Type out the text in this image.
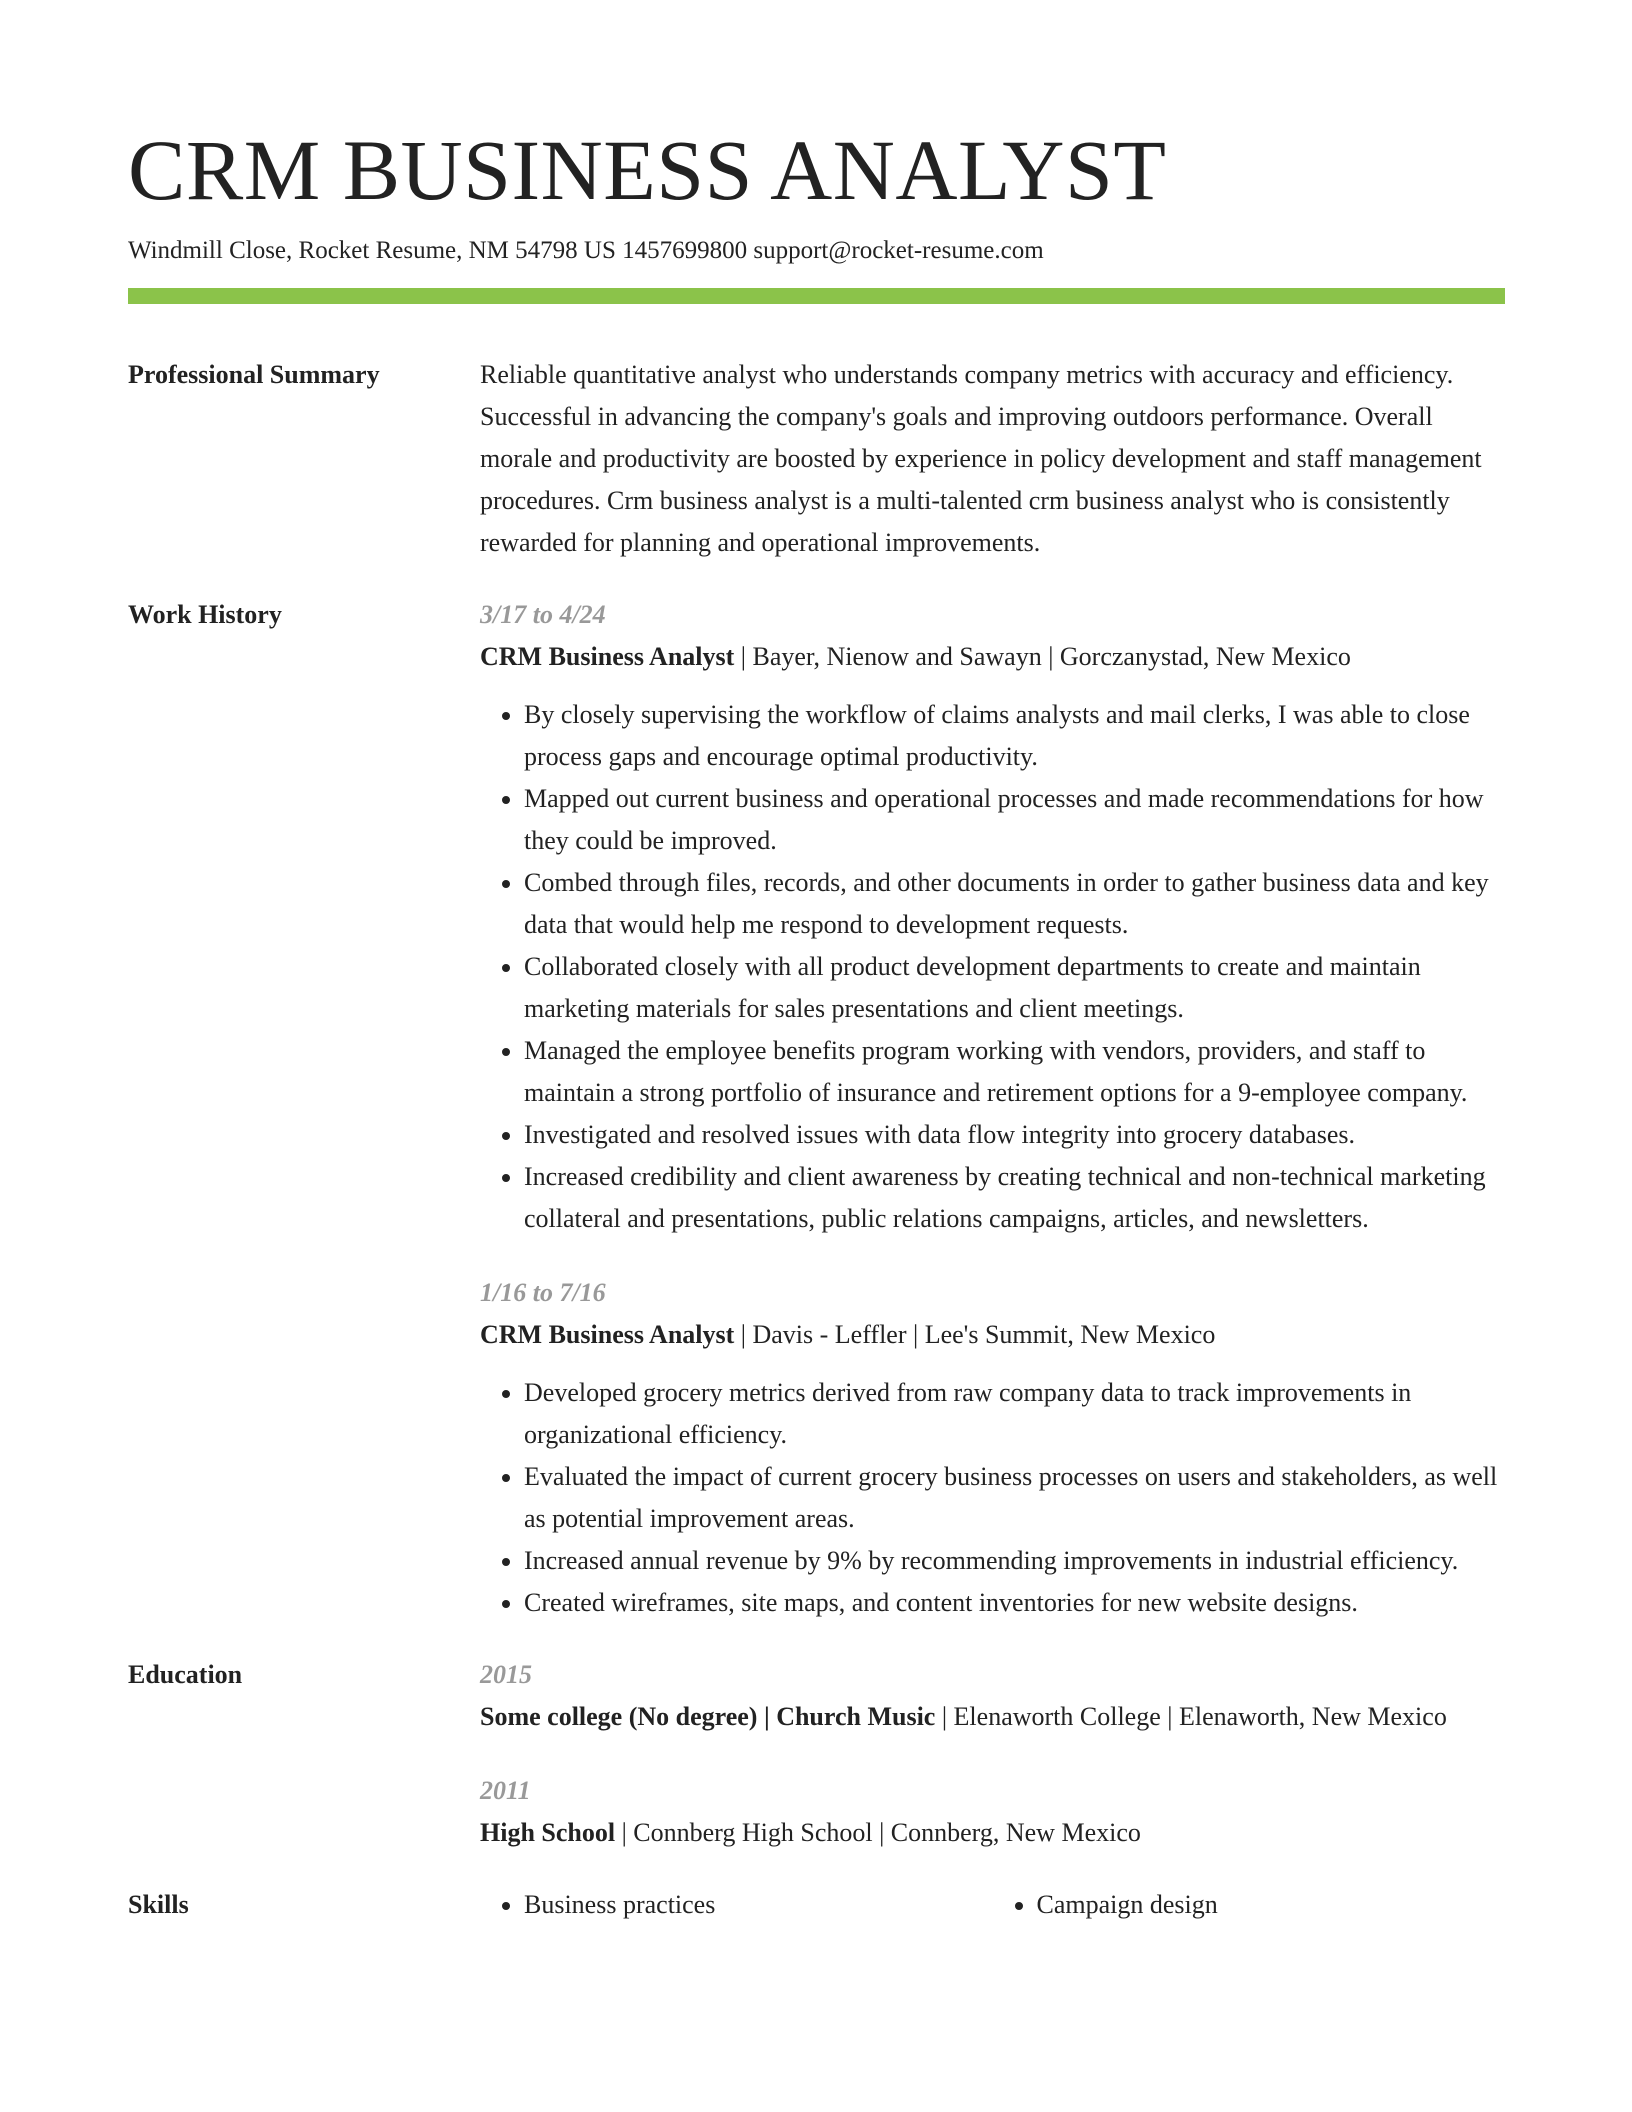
CRM BUSINESS ANALYST
Windmill Close, Rocket Resume, NM 54798 US 1457699800 support@rocket-resume.com
Professional Summary	Reliable quantitative analyst who understands company metrics with accuracy and efficiency. Successful in advancing the company's goals and improving outdoors performance. Overall morale and productivity are boosted by experience in policy development and staff management procedures. Crm business analyst is a multi-talented crm business analyst who is consistently rewarded for planning and operational improvements.
Work History	3/17 to 4/24
CRM Business Analyst | Bayer, Nienow and Sawayn | Gorczanystad, New Mexico
• By closely supervising the workflow of claims analysts and mail clerks, I was able to close process gaps and encourage optimal productivity.
• Mapped out current business and operational processes and made recommendations for how they could be improved.
• Combed through files, records, and other documents in order to gather business data and key data that would help me respond to development requests.
• Collaborated closely with all product development departments to create and maintain marketing materials for sales presentations and client meetings.
• Managed the employee benefits program working with vendors, providers, and staff to maintain a strong portfolio of insurance and retirement options for a 9-employee company.
• Investigated and resolved issues with data flow integrity into grocery databases.
• Increased credibility and client awareness by creating technical and non-technical marketing collateral and presentations, public relations campaigns, articles, and newsletters.
1/16 to 7/16
CRM Business Analyst | Davis - Leffler | Lee's Summit, New Mexico
• Developed grocery metrics derived from raw company data to track improvements in organizational efficiency.
• Evaluated the impact of current grocery business processes on users and stakeholders, as well as potential improvement areas.
• Increased annual revenue by 9% by recommending improvements in industrial efficiency.
• Created wireframes, site maps, and content inventories for new website designs.
Education	2015
Some college (No degree) | Church Music | Elenaworth College | Elenaworth, New Mexico
2011
High School | Connberg High School | Connberg, New Mexico
Skills	• Business practices	• Campaign design
